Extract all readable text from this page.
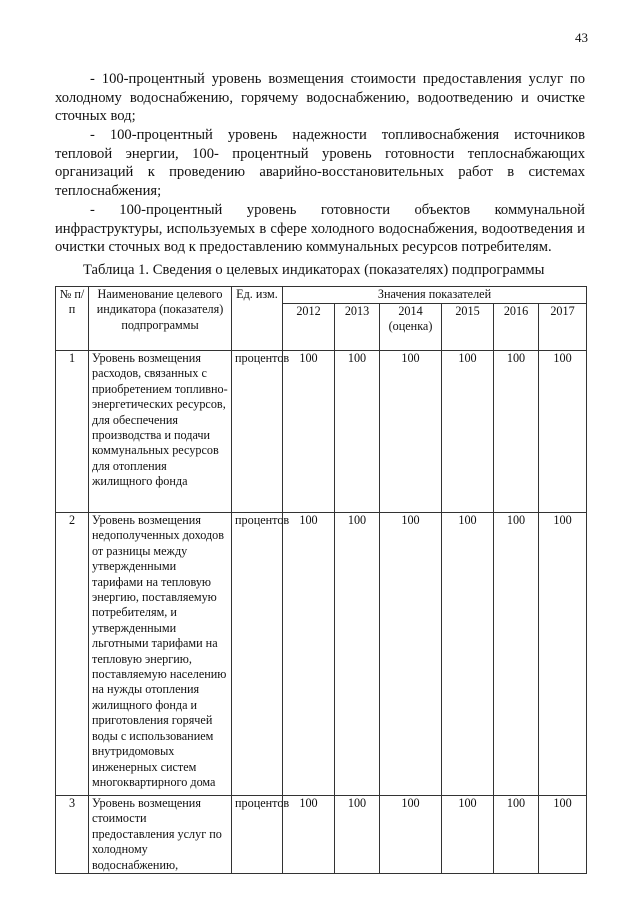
43

- 100-процентный уровень возмещения стоимости предоставления услуг по холодному водоснабжению, горячему водоснабжению, водоотведению и очистке сточных вод;

- 100-процентный уровень надежности топливоснабжения источников тепловой энергии, 100- процентный уровень готовности теплоснабжающих организаций к проведению аварийно-восстановительных работ в системах теплоснабжения;

- 100-процентный уровень готовности объектов коммунальной инфраструктуры, используемых в сфере холодного водоснабжения, водоотведения и очистки сточных вод к предоставлению коммунальных ресурсов потребителям.

Таблица 1. Сведения о целевых индикаторах (показателях) подпрограммы
№ п/п	Наименование целевого индикатора (показателя) подпрограммы	Ед. изм.	Значения показателей					
			2012	2013	2014 (оценка)	2015	2016	2017
1	Уровень возмещения расходов, связанных с приобретением топливно-энергетических ресурсов, для обеспечения производства и подачи коммунальных ресурсов для отопления жилищного фонда	процентов	100	100	100	100	100	100
2	Уровень возмещения недополученных доходов от разницы между утвержденными тарифами на тепловую энергию, поставляемую потребителям, и утвержденными льготными тарифами на тепловую энергию, поставляемую населению на нужды отопления жилищного фонда и приготовления горячей воды с использованием внутридомовых инженерных систем многоквартирного дома	процентов	100	100	100	100	100	100
3	Уровень возмещения стоимости предоставления услуг по холодному водоснабжению,	процентов	100	100	100	100	100	100
